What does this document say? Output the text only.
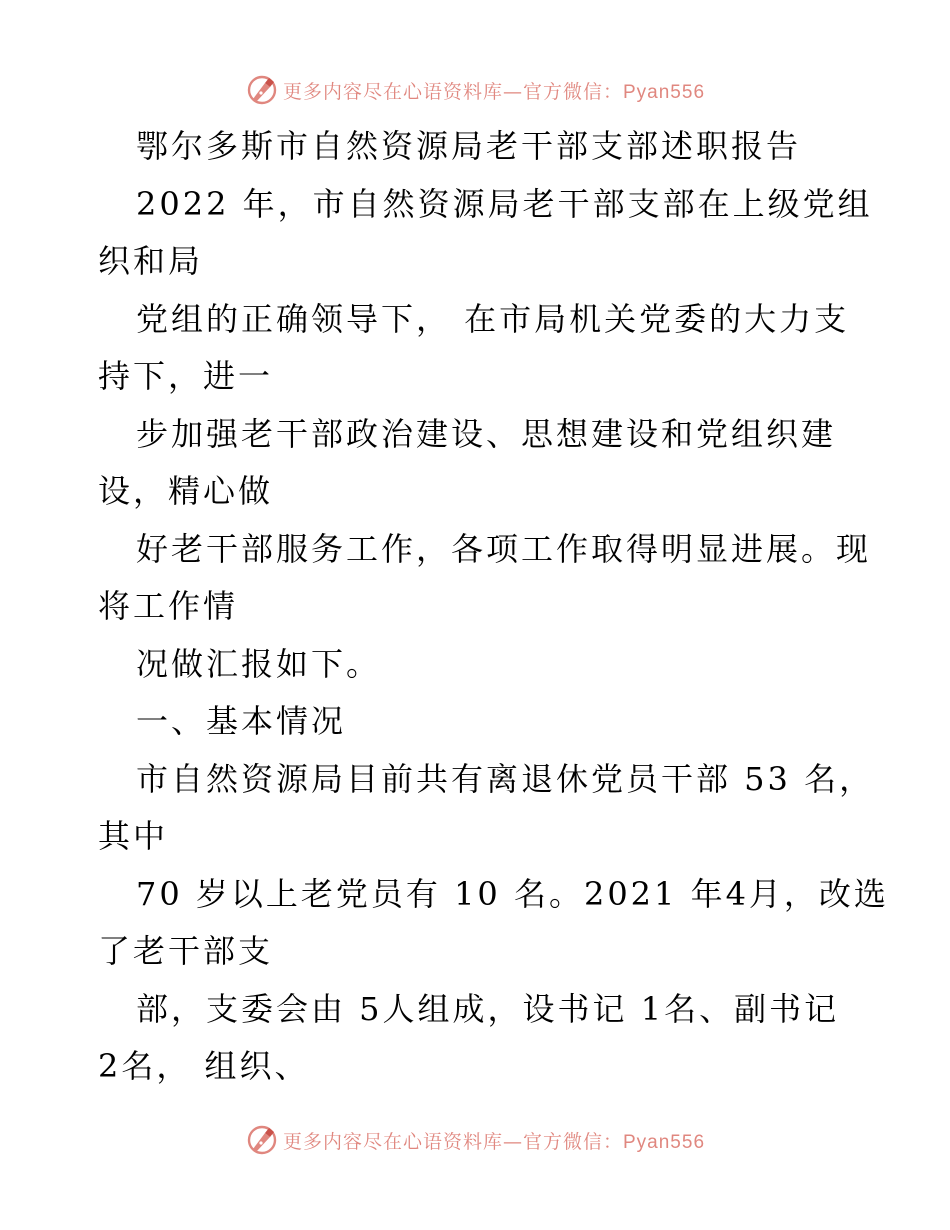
更多内容尽在心语资料库—官方微信：Pyan556
鄂尔多斯市自然资源局老干部支部述职报告
2022 年，市自然资源局老干部支部在上级党组
织和局
党组的正确领导下， 在市局机关党委的大力支
持下，进一
步加强老干部政治建设、思想建设和党组织建
设，精心做
好老干部服务工作，各项工作取得明显进展。现
将工作情
况做汇报如下。
一、基本情况
市自然资源局目前共有离退休党员干部 53 名，
其中
70 岁以上老党员有 10 名。2021 年4月，改选
了老干部支
部，支委会由 5人组成，设书记 1名、副书记
2名， 组织、
更多内容尽在心语资料库—官方微信：Pyan556
